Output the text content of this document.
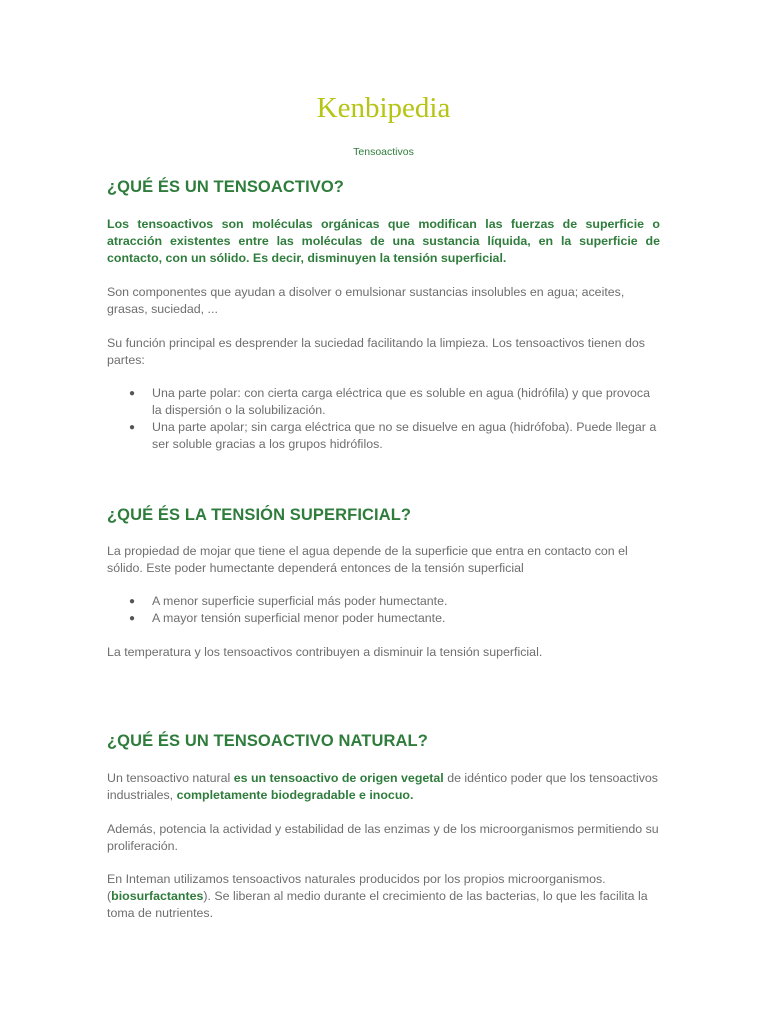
Kenbipedia

Tensoactivos

¿QUÉ ÉS UN TENSOACTIVO?

Los tensoactivos son moléculas orgánicas que modifican las fuerzas de superficie o atracción existentes entre las moléculas de una sustancia líquida, en la superficie de contacto, con un sólido. Es decir, disminuyen la tensión superficial.

Son componentes que ayudan a disolver o emulsionar sustancias insolubles en agua; aceites, grasas, suciedad, ...

Su función principal es desprender la suciedad facilitando la limpieza. Los tensoactivos tienen dos partes:

● Una parte polar: con cierta carga eléctrica que es soluble en agua (hidrófila) y que provoca la dispersión o la solubilización.
● Una parte apolar; sin carga eléctrica que no se disuelve en agua (hidrófoba). Puede llegar a ser soluble gracias a los grupos hidrófilos.
¿QUÉ ÉS LA TENSIÓN SUPERFICIAL?

La propiedad de mojar que tiene el agua depende de la superficie que entra en contacto con el sólido. Este poder humectante dependerá entonces de la tensión superficial

● A menor superficie superficial más poder humectante.
● A mayor tensión superficial menor poder humectante.

La temperatura y los tensoactivos contribuyen a disminuir la tensión superficial.

¿QUÉ ÉS UN TENSOACTIVO NATURAL?

Un tensoactivo natural es un tensoactivo de origen vegetal de idéntico poder que los tensoactivos industriales, completamente biodegradable e inocuo.

Además, potencia la actividad y estabilidad de las enzimas y de los microorganismos permitiendo su proliferación.

En Inteman utilizamos tensoactivos naturales producidos por los propios microorganismos. (biosurfactantes). Se liberan al medio durante el crecimiento de las bacterias, lo que les facilita la toma de nutrientes.
